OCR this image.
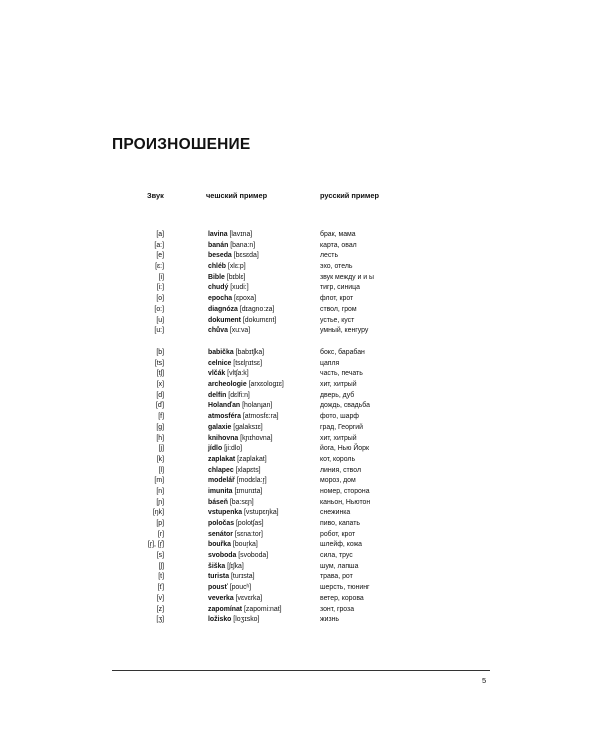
ПРОИЗНОШЕНИЕ
Звук	чешский пример	русский пример
[a]	lavina [lavɪna]	брак, мама
[a:]	banán [bana:n]	карта, овал
[e]	beseda [bɛsɛda]	лесть
[ɛ:]	chléb [xlɛ:p]	эхо, отель
[i]	Bible [bɪblɛ]	звук между и и ы
[i:]	chudý [xudi:]	тигр, синица
[o]	epocha [ɛpoxa]	флот, крот
[o:]	diagnóza [dɪagno:za]	ствол, гром
[u]	dokument [dokumɛnt]	устье, куст
[u:]	chůva [xu:va]	умный, кенгуру
[b]	babička [babɪtʃka]	бокс, барабан
[ts]	celnice [tsɛlɲɪtsɛ]	цапля
[tʃ]	vlčák [vltʃa:k]	часть, печать
[x]	archeologie [arxɛologɪɛ]	хит, хитрый
[d]	delfín [dɛlfi:n]	дверь, дуб
[ď]	Holanďan [holanɟan]	дождь, свадьба
[f]	atmosféra [atmosfɛ:ra]	фото, шарф
[g]	galaxie [galaksɪɛ]	град, Георгий
[h]	knihovna [kɲɪhovna]	хит, хитрый
[j]	jídlo [ji:dlo]	йога, Нью Йорк
[k]	zaplakat [zaplakat]	кот, король
[l]	chlapec [xlapɛts]	линия, ствол
[m]	modelář [modɛla:r̝]	мороз, дом
[n]	imunita [ɪmunɪta]	номер, сторона
[ɲ]	báseň [ba:sɛɲ]	каньон, Ньютон
[ŋk]	vstupenka [vstupɛŋka]	снежинка
[p]	poločas [polotʃas]	пиво, капать
[r]	senátor [sɛna:tor]	робот, крот
[r̝], [r̝̊]	bouřka [bour̝ka]	шлейф, кожа
[s]	svoboda [svoboda]	сила, трус
[ʃ]	šiška [ʃɪʃka]	шум, лапша
[t]	turista [turɪsta]	трава, рот
[ť]	pousť [poucʰ]	шерсть, тюнинг
[v]	veverka [vɛvɛrka]	ветер, корова
[z]	zapomínat [zapomi:nat]	зонт, гроза
[ʒ]	ložisko [loʒɪsko]	жизнь
5
